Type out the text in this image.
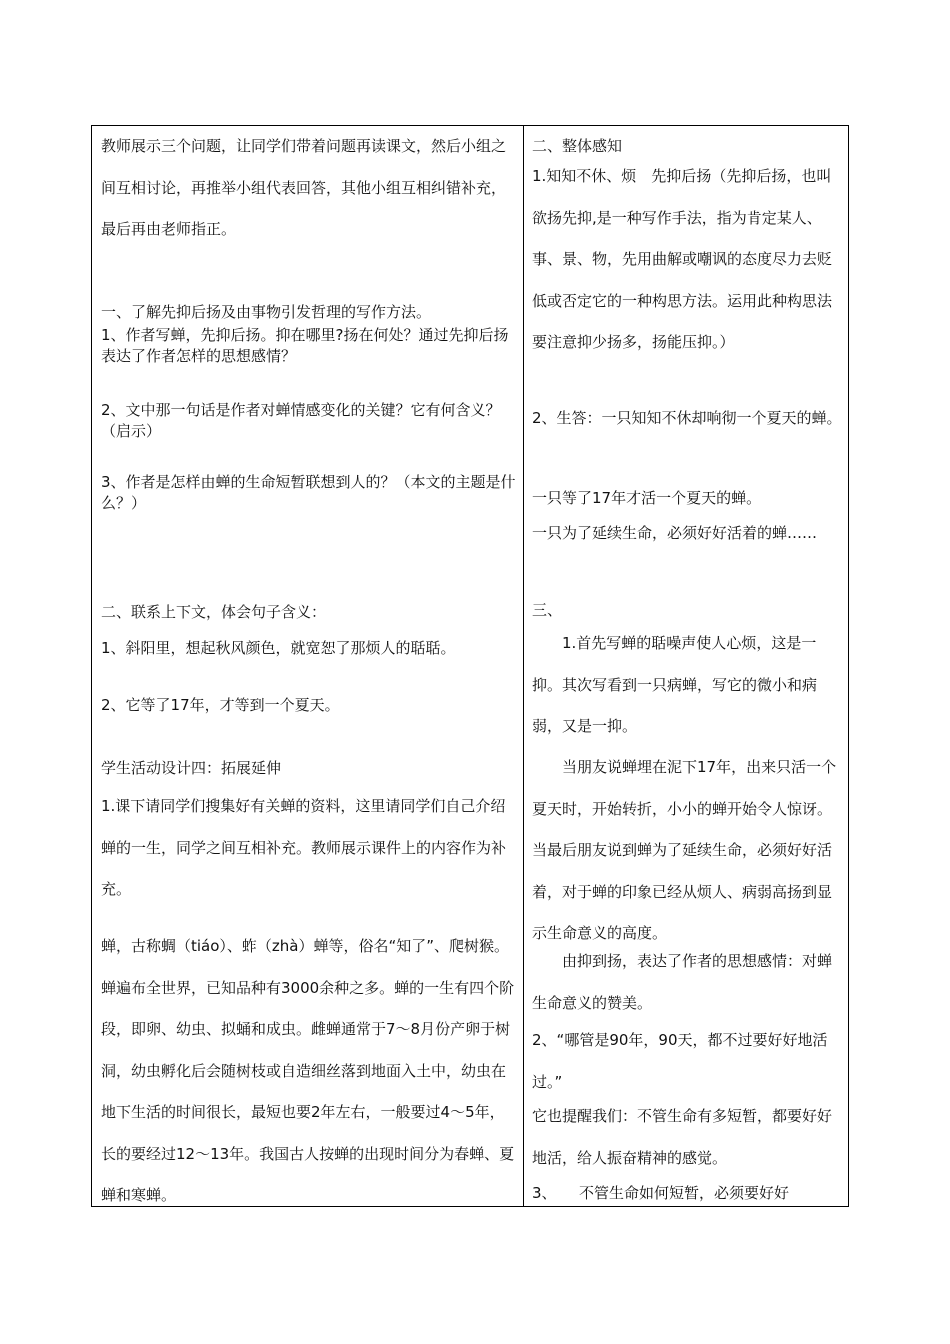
教师展示三个问题，让同学们带着问题再读课文，然后小组之间互相讨论，再推举小组代表回答，其他小组互相纠错补充，最后再由老师指正。

一、了解先抑后扬及由事物引发哲理的写作方法。

1、作者写蝉，先抑后扬。抑在哪里?扬在何处？通过先抑后扬表达了作者怎样的思想感情？

2、文中那一句话是作者对蝉情感变化的关键？它有何含义？（启示）

3、作者是怎样由蝉的生命短暂联想到人的？（本文的主题是什么？）

二、联系上下文，体会句子含义：

1、斜阳里，想起秋风颜色，就宽恕了那烦人的聒聒。

2、它等了17年，才等到一个夏天。

学生活动设计四：拓展延伸

1.课下请同学们搜集好有关蝉的资料，这里请同学们自己介绍蝉的一生，同学之间互相补充。教师展示课件上的内容作为补充。

蝉，古称蜩（tiáo）、蚱（zhà）蝉等，俗名“知了”、爬树猴。蝉遍布全世界，已知品种有3000余种之多。蝉的一生有四个阶段，即卵、幼虫、拟蛹和成虫。雌蝉通常于7～8月份产卵于树洞，幼虫孵化后会随树枝或自造细丝落到地面入土中，幼虫在地下生活的时间很长，最短也要2年左右，一般要过4～5年，长的要经过12～13年。我国古人按蝉的出现时间分为春蝉、夏蝉和寒蝉。

二、整体感知

1.知知不休、烦　先抑后扬（先抑后扬，也叫欲扬先抑,是一种写作手法，指为肯定某人、事、景、物，先用曲解或嘲讽的态度尽力去贬低或否定它的一种构思方法。运用此种构思法要注意抑少扬多，扬能压抑。）

2、生答：一只知知不休却响彻一个夏天的蝉。

一只等了17年才活一个夏天的蝉。

一只为了延续生命，必须好好活着的蝉……

三、

1.首先写蝉的聒噪声使人心烦，这是一抑。其次写看到一只病蝉，写它的微小和病弱，又是一抑。

当朋友说蝉埋在泥下17年，出来只活一个夏天时，开始转折，小小的蝉开始令人惊讶。当最后朋友说到蝉为了延续生命，必须好好活着，对于蝉的印象已经从烦人、病弱高扬到显示生命意义的高度。

由抑到扬，表达了作者的思想感情：对蝉生命意义的赞美。

2、“哪管是90年，90天，都不过要好好地活过。”

它也提醒我们：不管生命有多短暂，都要好好地活，给人振奋精神的感觉。

3、　　不管生命如何短暂，必须要好好
